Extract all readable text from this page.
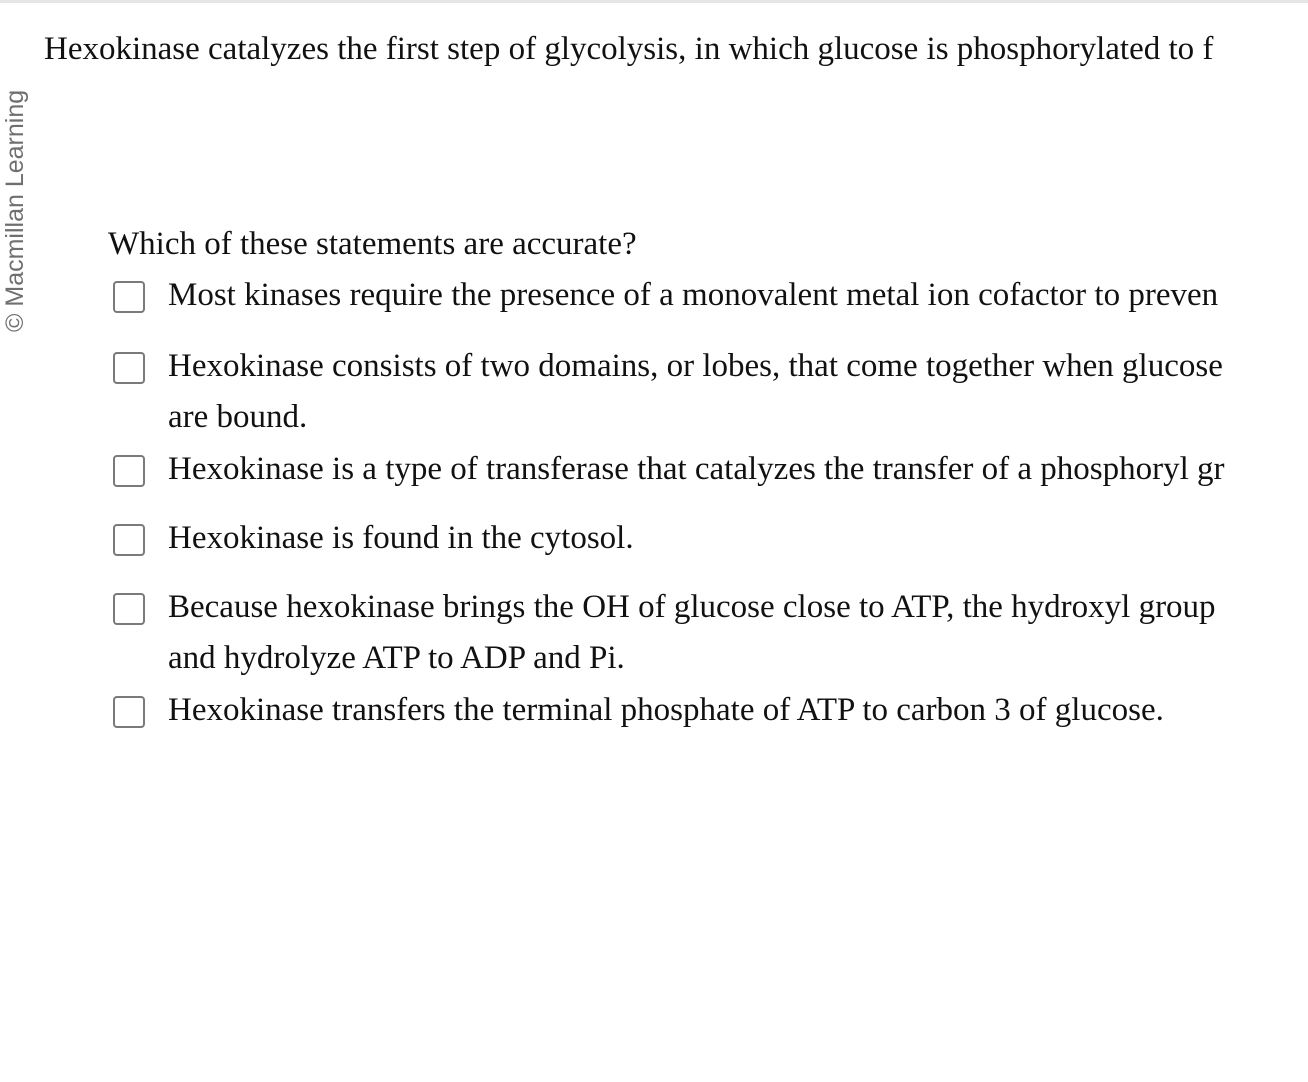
© Macmillan Learning
Hexokinase catalyzes the first step of glycolysis, in which glucose is phosphorylated to f
Which of these statements are accurate?
Most kinases require the presence of a monovalent metal ion cofactor to preven
Hexokinase consists of two domains, or lobes, that come together when glucose
are bound.
Hexokinase is a type of transferase that catalyzes the transfer of a phosphoryl gr
Hexokinase is found in the cytosol.
Because hexokinase brings the OH of glucose close to ATP, the hydroxyl group
and hydrolyze ATP to ADP and Pi.
Hexokinase transfers the terminal phosphate of ATP to carbon 3 of glucose.
